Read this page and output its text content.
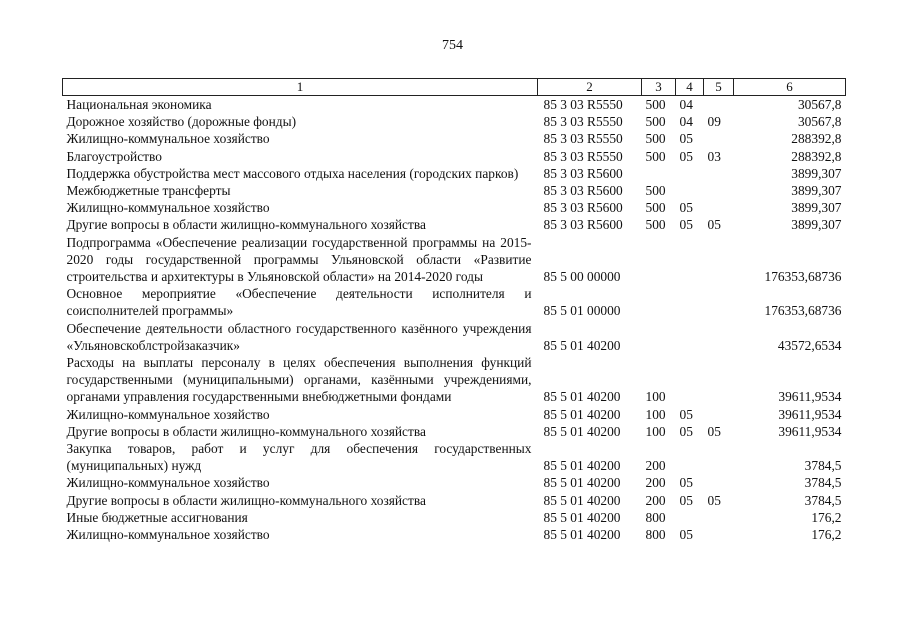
754
1	2	3	4	5	6
Национальная экономика	85 3 03 R5550	500	04		30567,8
Дорожное хозяйство (дорожные фонды)	85 3 03 R5550	500	04	09	30567,8
Жилищно-коммунальное хозяйство	85 3 03 R5550	500	05		288392,8
Благоустройство	85 3 03 R5550	500	05	03	288392,8
Поддержка обустройства мест массового отдыха населения (городских парков)	85 3 03 R5600				3899,307
Межбюджетные трансферты	85 3 03 R5600	500			3899,307
Жилищно-коммунальное хозяйство	85 3 03 R5600	500	05		3899,307
Другие вопросы в области жилищно-коммунального хозяйства	85 3 03 R5600	500	05	05	3899,307
Подпрограмма «Обеспечение реализации государственной программы на 2015-2020 годы государственной программы Ульяновской области «Развитие строительства и архитектуры в Ульяновской области» на 2014-2020 годы	85 5 00 00000				176353,68736
Основное мероприятие «Обеспечение деятельности исполнителя и соисполнителей программы»	85 5 01 00000				176353,68736
Обеспечение деятельности областного государственного казённого учреждения «Ульяновскоблстройзаказчик»	85 5 01 40200				43572,6534
Расходы на выплаты персоналу в целях обеспечения выполнения функций государственными (муниципальными) органами, казёнными учреждениями, органами управления государственными внебюджетными фондами	85 5 01 40200	100			39611,9534
Жилищно-коммунальное хозяйство	85 5 01 40200	100	05		39611,9534
Другие вопросы в области жилищно-коммунального хозяйства	85 5 01 40200	100	05	05	39611,9534
Закупка товаров, работ и услуг для обеспечения государственных (муниципальных) нужд	85 5 01 40200	200			3784,5
Жилищно-коммунальное хозяйство	85 5 01 40200	200	05		3784,5
Другие вопросы в области жилищно-коммунального хозяйства	85 5 01 40200	200	05	05	3784,5
Иные бюджетные ассигнования	85 5 01 40200	800			176,2
Жилищно-коммунальное хозяйство	85 5 01 40200	800	05		176,2
